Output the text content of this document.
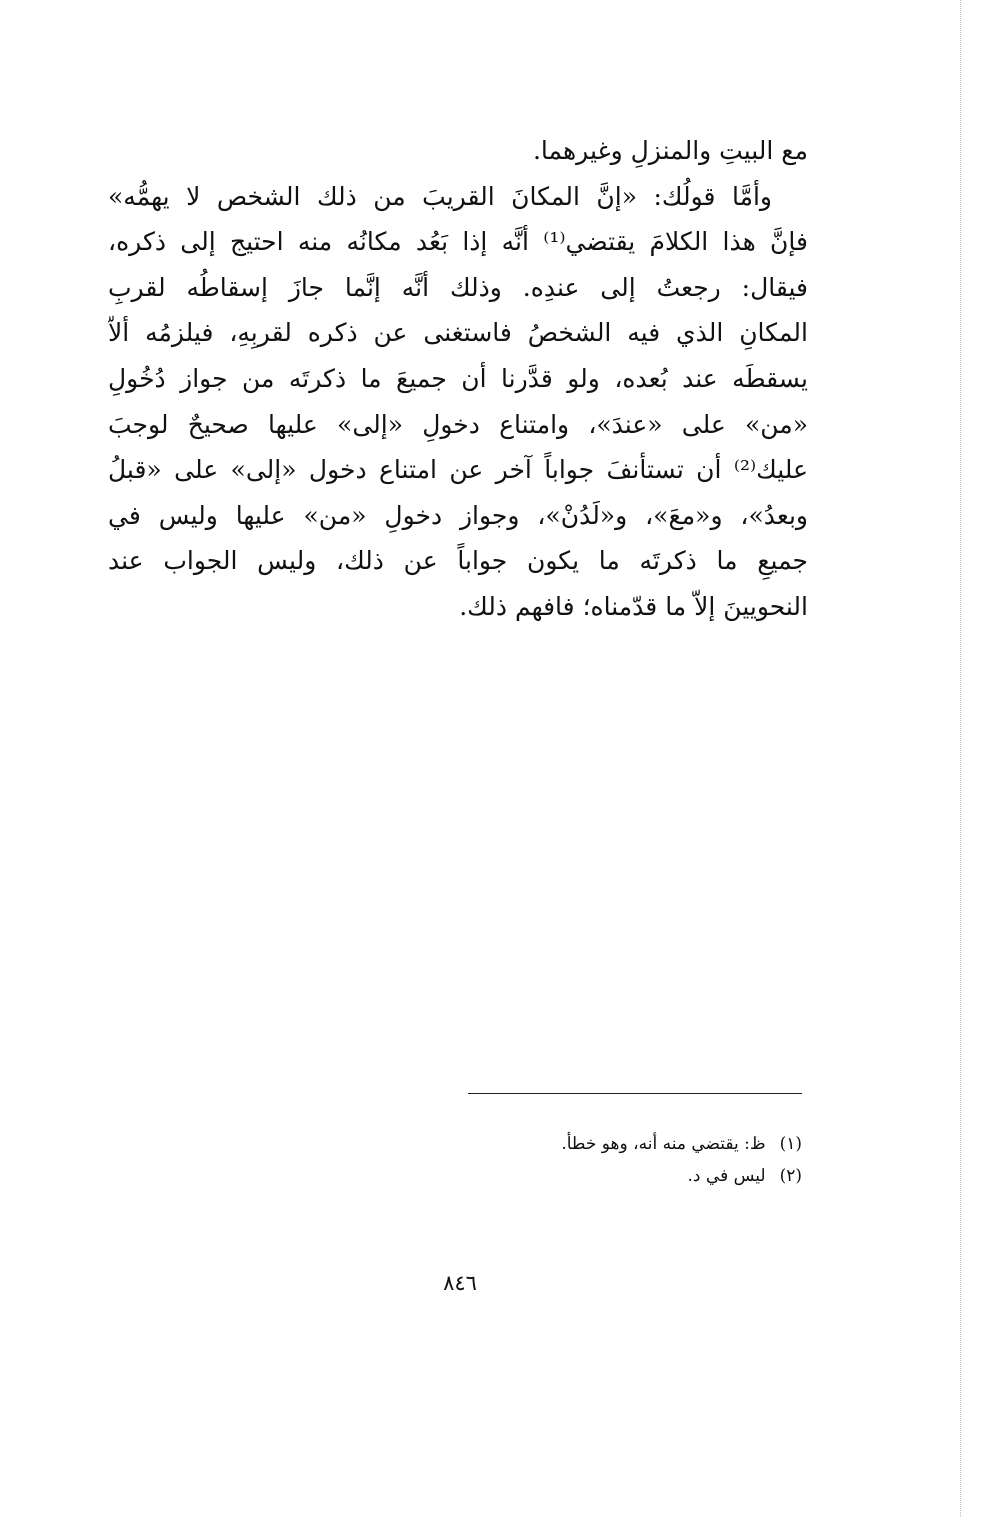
مع البيتِ والمنزلِ وغيرهما.
وأمَّا قولُك: «إنَّ المكانَ القريبَ من ذلك الشخص لا يهمُّه»
فإنَّ هذا الكلامَ يقتضي⁽¹⁾ أنَّه إذا بَعُد مكانُه منه احتيج إلى ذكره،
فيقال: رجعتُ إلى عندِه. وذلك أنَّه إنَّما جازَ إسقاطُه لقربِ
المكانِ الذي فيه الشخصُ فاستغنى عن ذكره لقربِهِ، فيلزمُه ألاّ
يسقطَه عند بُعده، ولو قدَّرنا أن جميعَ ما ذكرتَه من جواز دُخُولِ
«من» على «عندَ»، وامتناع دخولِ «إلى» عليها صحيحٌ لوجبَ
عليك⁽²⁾ أن تستأنفَ جواباً آخر عن امتناع دخول «إلى» على «قبلُ
وبعدُ»، و«معَ»، و«لَدُنْ»، وجواز دخولِ «من» عليها وليس في
جميعِ ما ذكرتَه ما يكون جواباً عن ذلك، وليس الجواب عند
النحويينَ إلاّ ما قدّمناه؛ فافهم ذلك.
(١)ظ: يقتضي منه أنه، وهو خطأ.
(٢)ليس في د.
٨٤٦
